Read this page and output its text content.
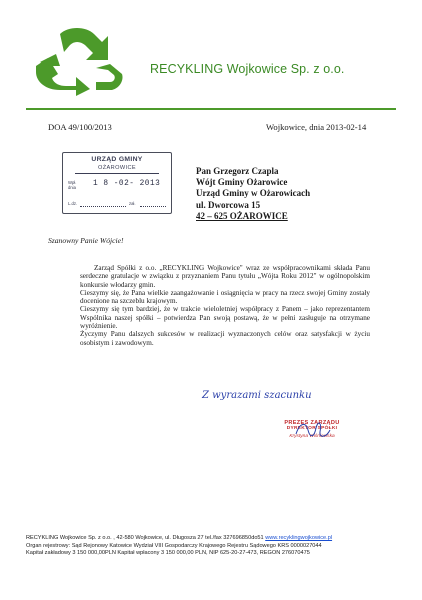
RECYKLING Wojkowice Sp. z o.o.
DOA 49/100/2013	Wojkowice, dnia 2013-02-14
URZĄD GMINY
OŻAROWICE
Wpł.
dnia 1 8 -02- 2013
L.dz.	zał.
Pan Grzegorz Czapla
Wójt Gminy Ożarowice
Urząd Gminy w Ożarowicach
ul. Dworcowa 15
42 – 625 OŻAROWICE
Szanowny Panie Wójcie!

Zarząd Spółki z o.o. „RECYKLING Wojkowice" wraz ze współpracownikami składa Panu serdeczne gratulacje w związku z przyznaniem Panu tytułu „Wójta Roku 2012" w ogólnopolskim konkursie włodarzy gmin.

Cieszymy się, że Pana wielkie zaangażowanie i osiągnięcia w pracy na rzecz swojej Gminy zostały docenione na szczeblu krajowym.

Cieszymy się tym bardziej, że w trakcie wieloletniej współpracy z Panem – jako reprezentantem Wspólnika naszej spółki – potwierdza Pan swoją postawą, że w pełni zasługuje na otrzymane wyróżnienie.

Życzymy Panu dalszych sukcesów w realizacji wyznaczonych celów oraz satysfakcji w życiu osobistym i zawodowym.

Z wyrazami szacunku
PREZES ZARZĄDU
DYREKTOR SPÓŁKI
Krystyna Wiśniewska
RECYKLING Wojkowice Sp. z o.o. , 42-580 Wojkowice, ul. Długosza 27 tel./fax 327696850do51 www.recyklingwojkowice.pl
Organ rejestrowy: Sąd Rejonowy Katowice Wydział VIII Gospodarczy Krajowego Rejestru Sądowego KRS 0000027044
Kapitał zakładowy 3 150 000,00PLN Kapitał wpłacony 3 150 000,00 PLN, NIP 625-20-27-473, REGON 276070475
